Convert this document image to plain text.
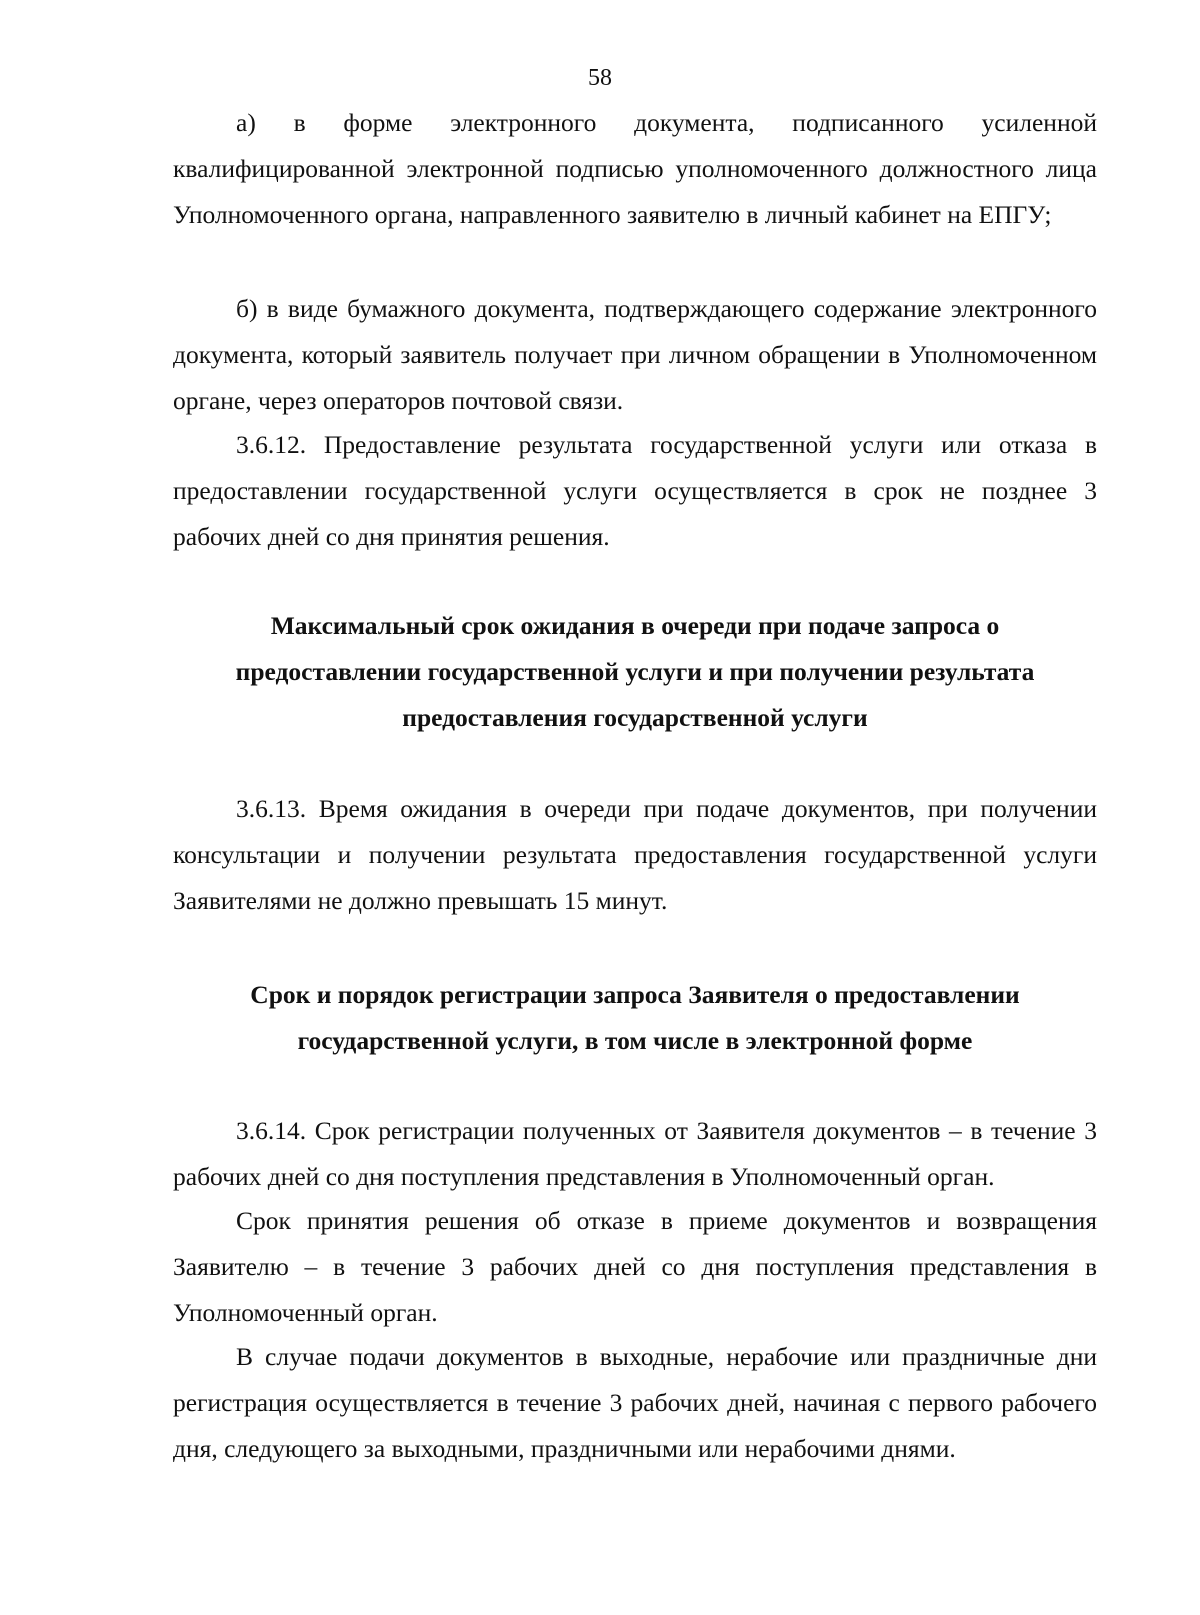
58

а) в форме электронного документа, подписанного усиленной квалифицированной электронной подписью уполномоченного должностного лица Уполномоченного органа, направленного заявителю в личный кабинет на ЕПГУ;

б) в виде бумажного документа, подтверждающего содержание электронного документа, который заявитель получает при личном обращении в Уполномоченном органе, через операторов почтовой связи.

3.6.12. Предоставление результата государственной услуги или отказа в предоставлении государственной услуги осуществляется в срок не позднее 3 рабочих дней со дня принятия решения.

Максимальный срок ожидания в очереди при подаче запроса о предоставлении государственной услуги и при получении результата предоставления государственной услуги

3.6.13. Время ожидания в очереди при подаче документов, при получении консультации и получении результата предоставления государственной услуги Заявителями не должно превышать 15 минут.

Срок и порядок регистрации запроса Заявителя о предоставлении государственной услуги, в том числе в электронной форме

3.6.14. Срок регистрации полученных от Заявителя документов – в течение 3 рабочих дней со дня поступления представления в Уполномоченный орган.

Срок принятия решения об отказе в приеме документов и возвращения Заявителю – в течение 3 рабочих дней со дня поступления представления в Уполномоченный орган.

В случае подачи документов в выходные, нерабочие или праздничные дни регистрация осуществляется в течение 3 рабочих дней, начиная с первого рабочего дня, следующего за выходными, праздничными или нерабочими днями.
